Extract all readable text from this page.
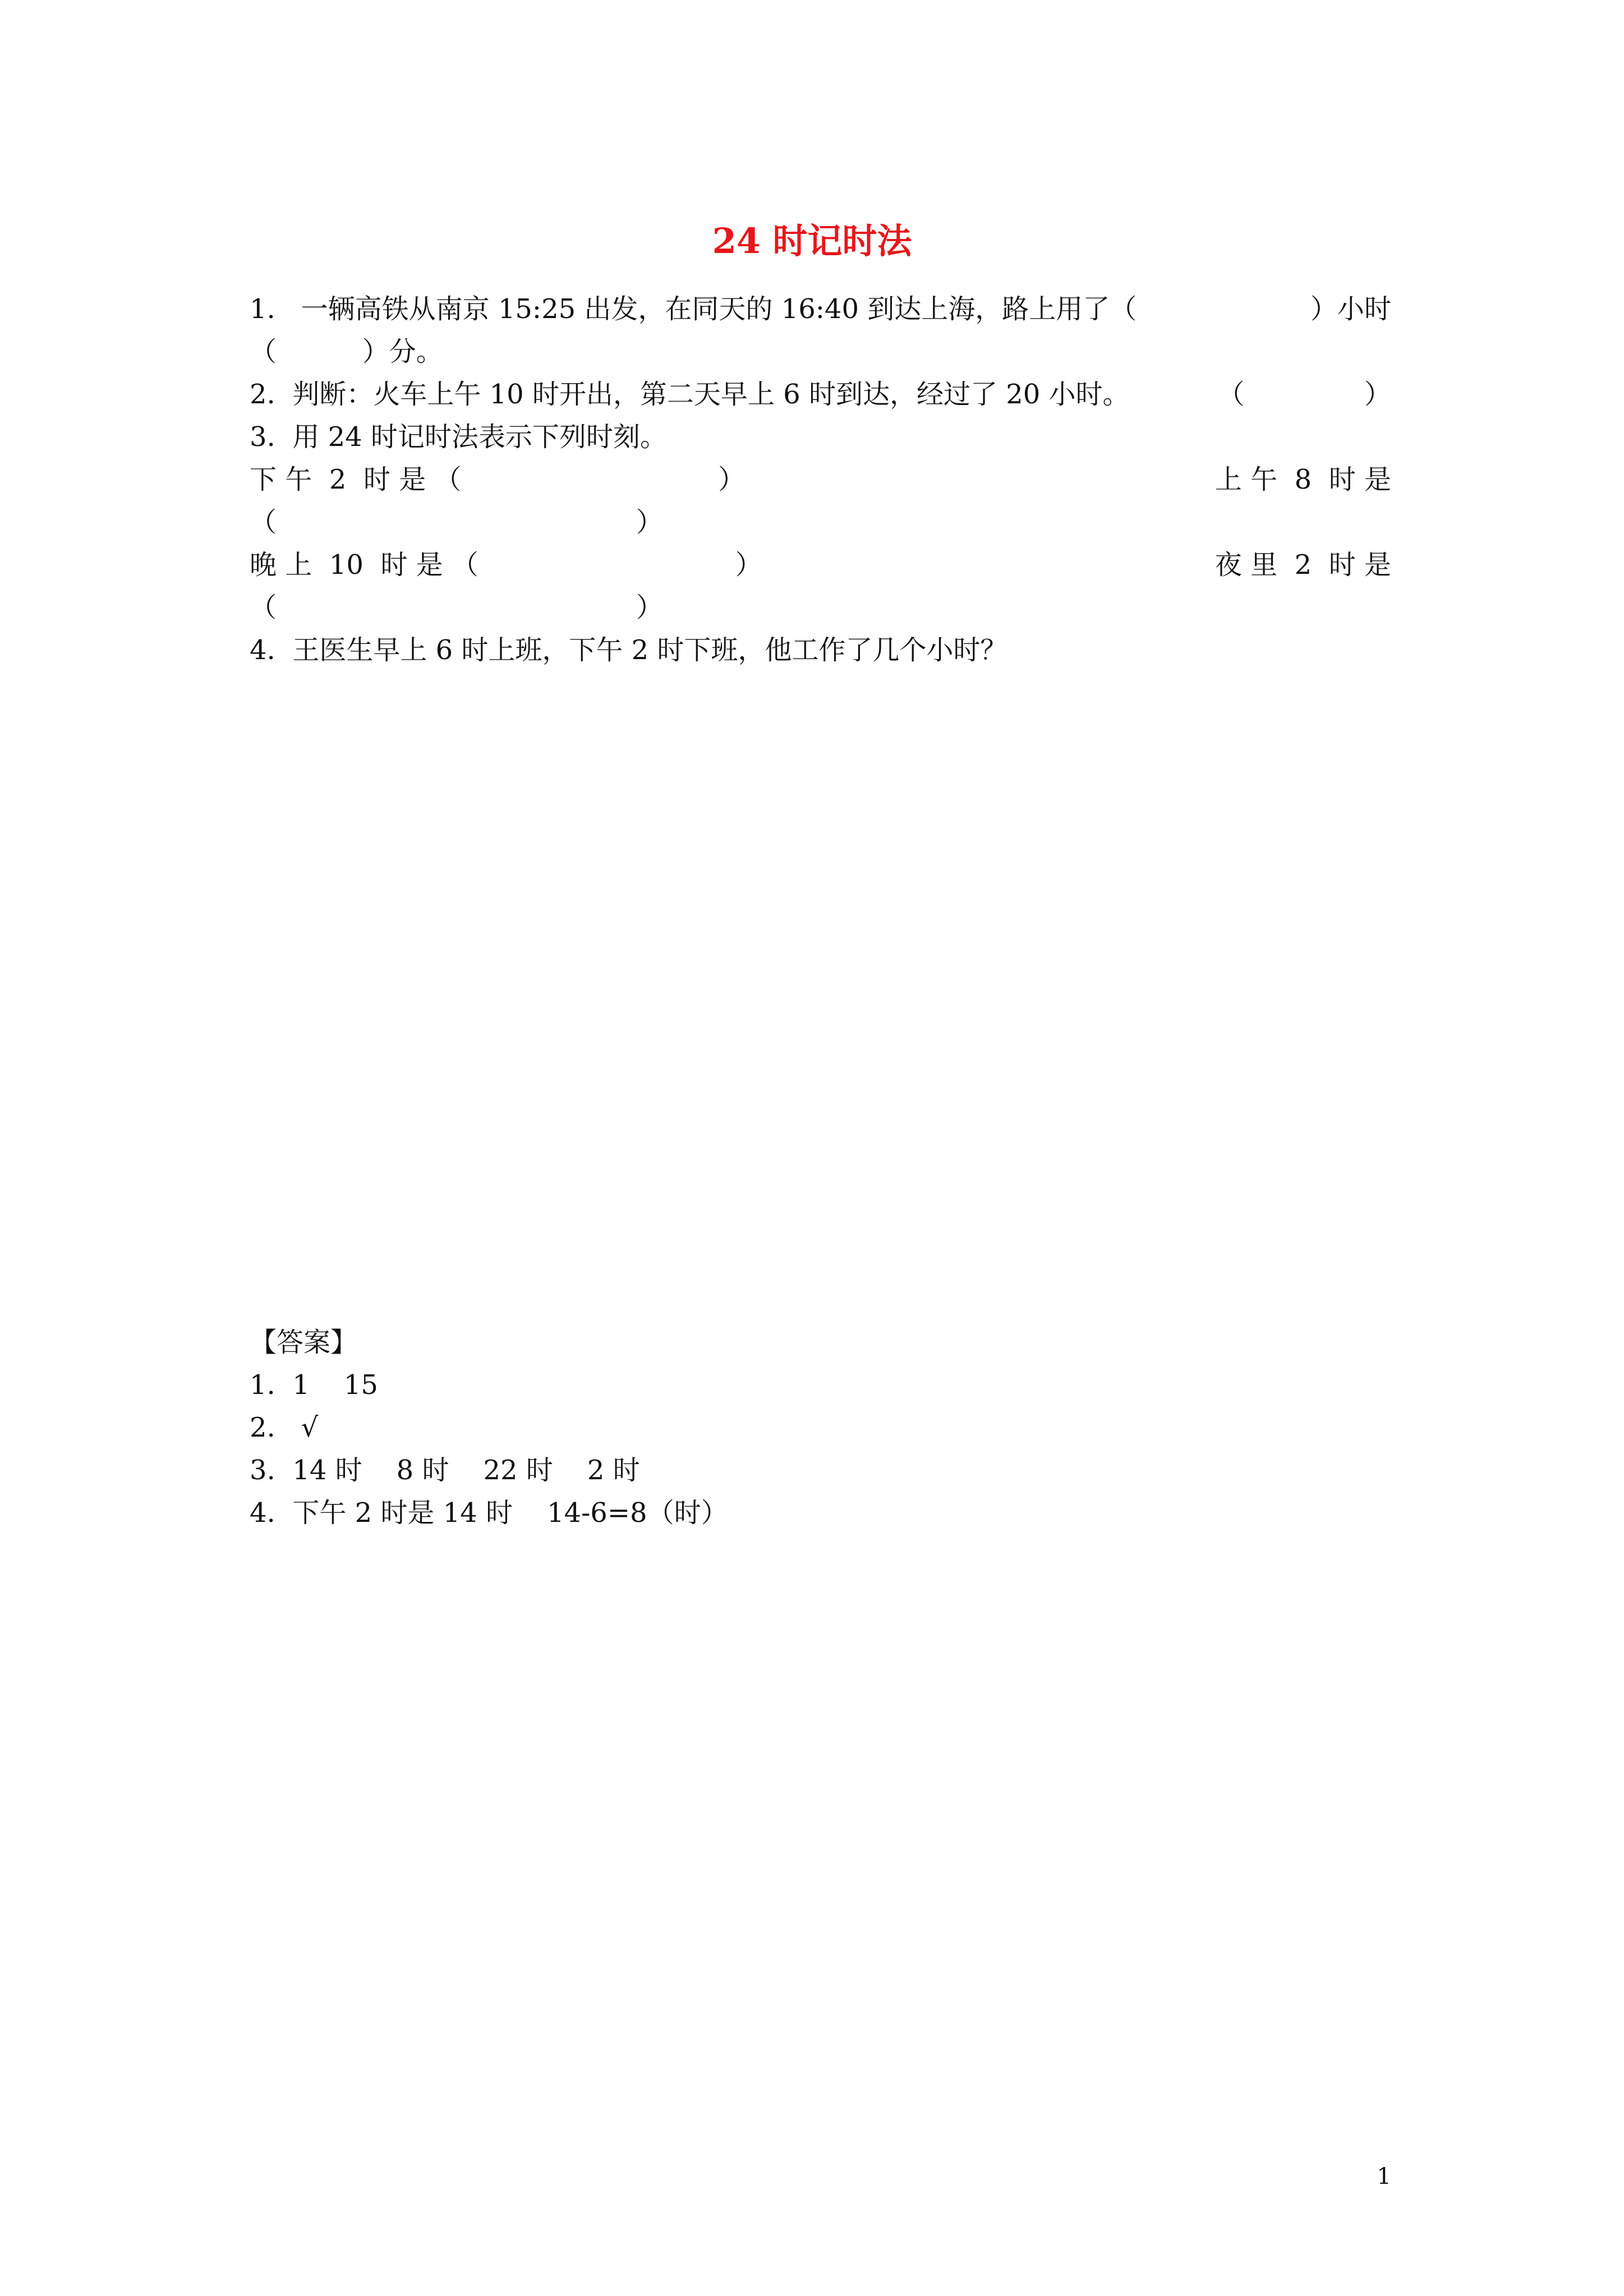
24 时记时法
1.   一辆高铁从南京 15:25 出发，在同天的 16:40 到达上海，路上用了（	）小时
（          ）分。
2.  判断：火车上午 10 时开出，第二天早上 6 时到达，经过了 20 小时。	（              ）
3.  用 24 时记时法表示下列时刻。
下 午  2  时 是 （                              ）	上 午  8  时 是
（                                          ）
晚 上  10  时 是 （                              ）	夜 里  2  时 是
（                                          ）
4.  王医生早上 6 时上班，下午 2 时下班，他工作了几个小时？
【答案】
1.  1    15
2.   √
3.  14 时    8 时    22 时    2 时
4.  下午 2 时是 14 时    14-6=8（时）
1
